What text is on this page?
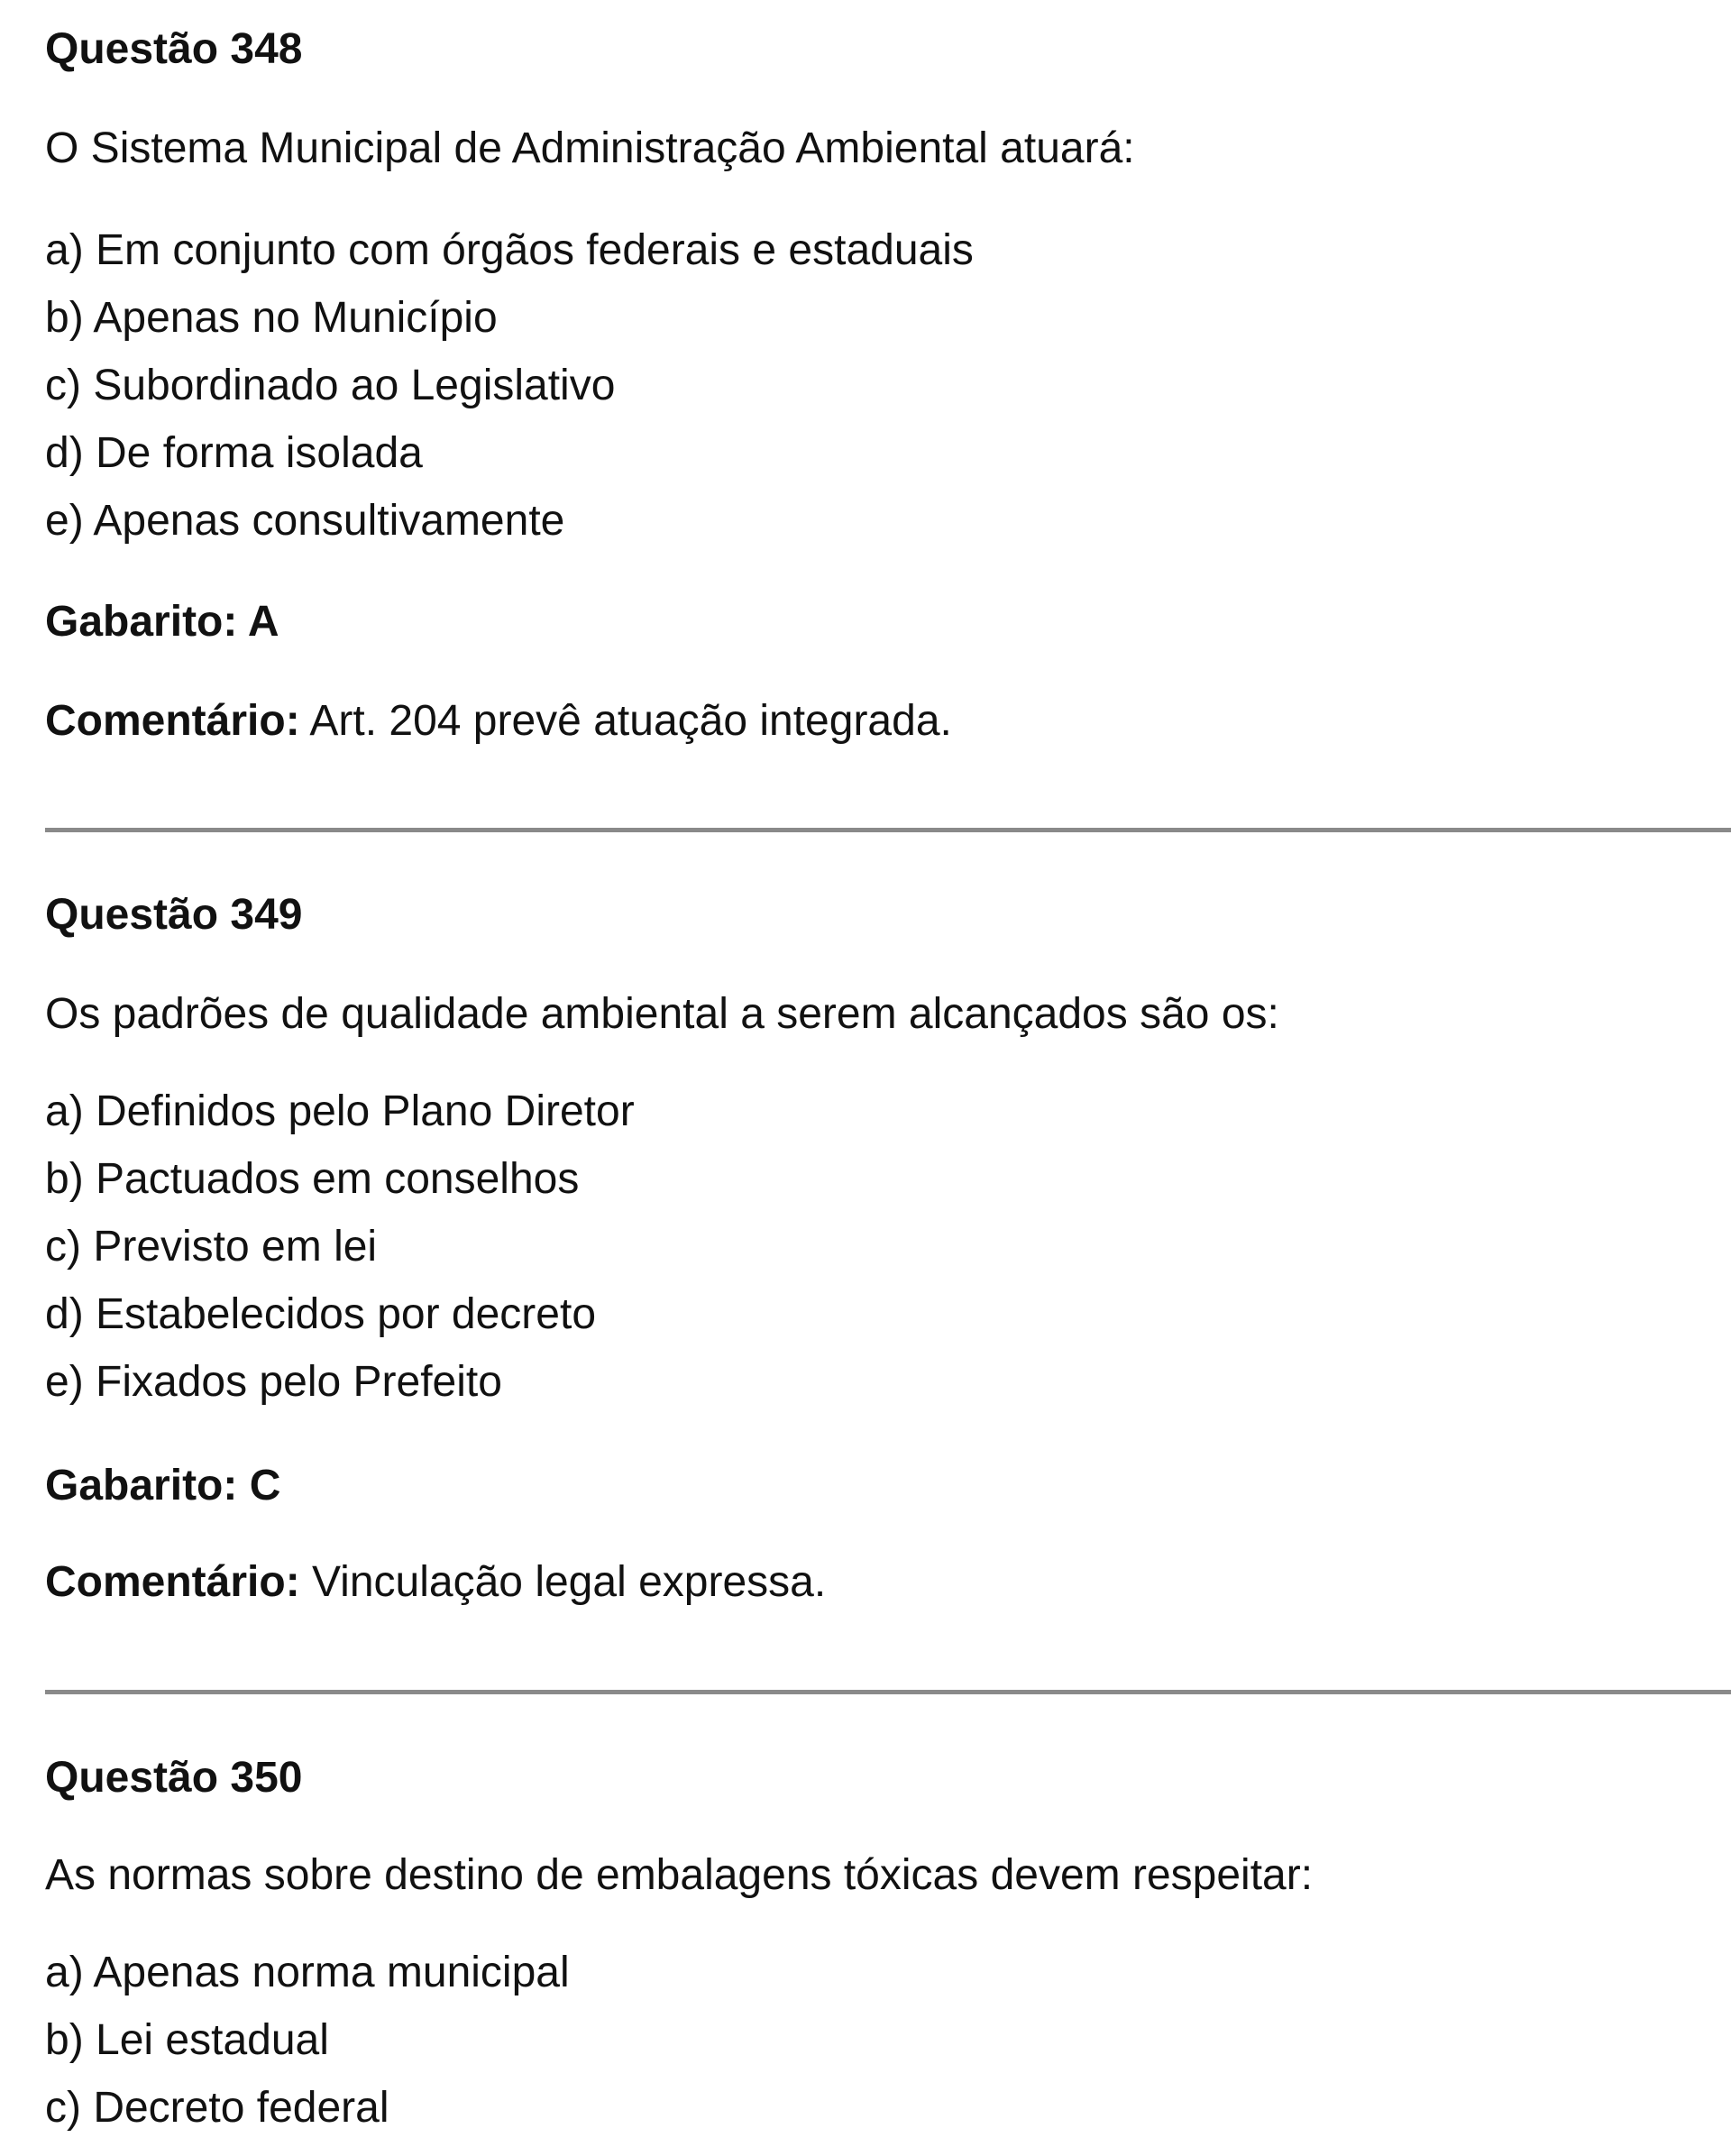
Questão 348

O Sistema Municipal de Administração Ambiental atuará:

a) Em conjunto com órgãos federais e estaduais
b) Apenas no Município
c) Subordinado ao Legislativo
d) De forma isolada
e) Apenas consultivamente

Gabarito: A

Comentário: Art. 204 prevê atuação integrada.

Questão 349

Os padrões de qualidade ambiental a serem alcançados são os:

a) Definidos pelo Plano Diretor
b) Pactuados em conselhos
c) Previsto em lei
d) Estabelecidos por decreto
e) Fixados pelo Prefeito

Gabarito: C

Comentário: Vinculação legal expressa.

Questão 350

As normas sobre destino de embalagens tóxicas devem respeitar:

a) Apenas norma municipal
b) Lei estadual
c) Decreto federal
